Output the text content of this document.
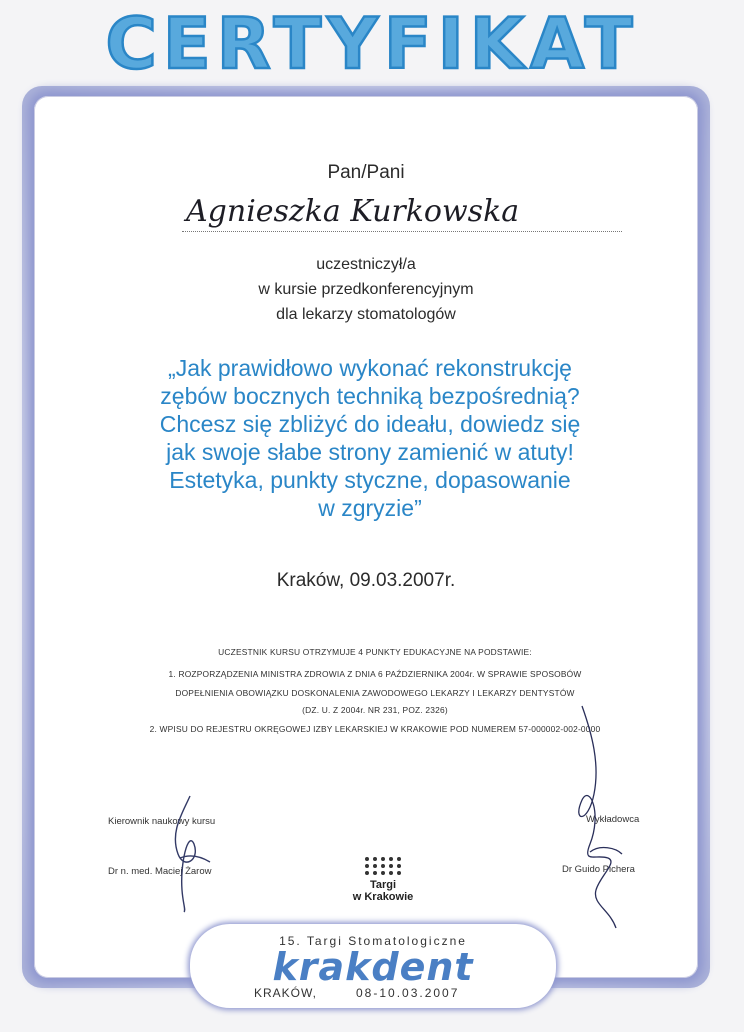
CERTYFIKAT
Pan/Pani
Agnieszka Kurkowska
uczestniczył/a
w kursie przedkonferencyjnym
dla lekarzy stomatologów
„Jak prawidłowo wykonać rekonstrukcję
zębów bocznych techniką bezpośrednią?
Chcesz się zbliżyć do ideału, dowiedz się
jak swoje słabe strony zamienić w atuty!
Estetyka, punkty styczne, dopasowanie
w zgryzie”
Kraków, 09.03.2007r.
UCZESTNIK KURSU OTRZYMUJE 4 PUNKTY EDUKACYJNE NA PODSTAWIE:
1. ROZPORZĄDZENIA MINISTRA ZDROWIA Z DNIA 6 PAŹDZIERNIKA 2004r. W SPRAWIE SPOSOBÓW
DOPEŁNIENIA OBOWIĄZKU DOSKONALENIA ZAWODOWEGO LEKARZY I LEKARZY DENTYSTÓW
(DZ. U. Z 2004r. NR 231, POZ. 2326)
2. WPISU DO REJESTRU OKRĘGOWEJ IZBY LEKARSKIEJ W KRAKOWIE POD NUMEREM 57-000002-002-0000
Kierownik naukowy kursu
Dr n. med. Maciej Żarow
Wykładowca
Dr Guido Pichera
Targi
w Krakowie
15. Targi Stomatologiczne
krakdent
KRAKÓW,	08-10.03.2007
